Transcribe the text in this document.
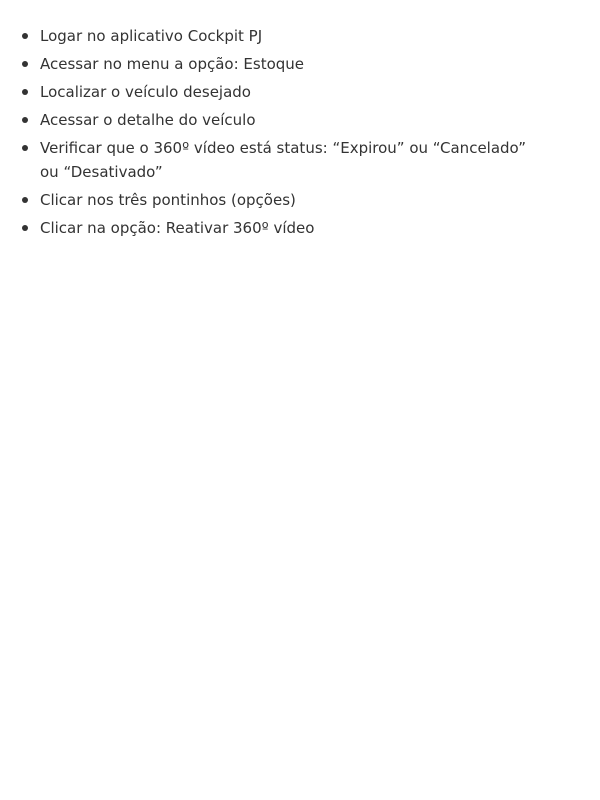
Logar no aplicativo Cockpit PJ
Acessar no menu a opção: Estoque
Localizar o veículo desejado
Acessar o detalhe do veículo
Verificar que o 360º vídeo está status: “Expirou” ou “Cancelado” ou “Desativado”
Clicar nos três pontinhos (opções)
Clicar na opção: Reativar 360º vídeo
